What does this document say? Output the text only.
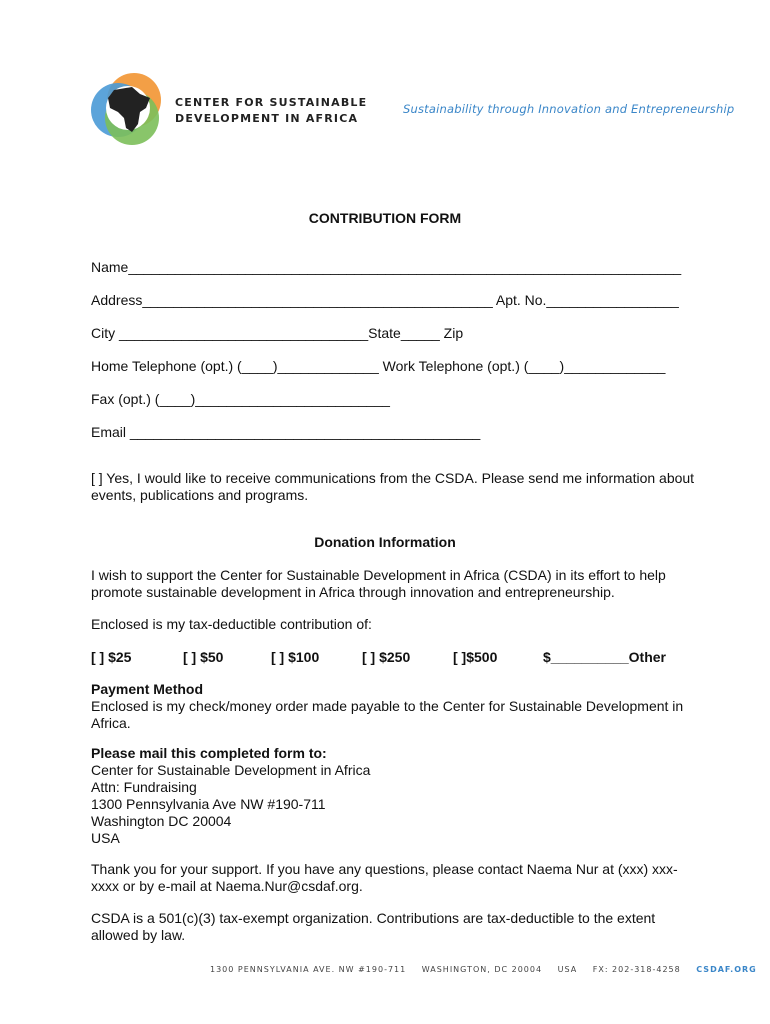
CENTER FOR SUSTAINABLE
DEVELOPMENT IN AFRICA
Sustainability through Innovation and Entrepreneurship
CONTRIBUTION FORM
Name_______________________________________________________________________
Address_____________________________________________ Apt. No._________________
City ________________________________State_____ Zip
Home Telephone (opt.) (____)_____________ Work Telephone (opt.) (____)_____________
Fax (opt.) (____)_________________________
Email _____________________________________________
[ ] Yes, I would like to receive communications from the CSDA. Please send me information about
events, publications and programs.
Donation Information
I wish to support the Center for Sustainable Development in Africa (CSDA) in its effort to help
promote sustainable development in Africa through innovation and entrepreneurship.
Enclosed is my tax-deductible contribution of:
[ ] $25	[ ] $50	[ ] $100	[ ] $250	[ ]$500	$__________Other
Payment Method
Enclosed is my check/money order made payable to the Center for Sustainable Development in
Africa.
Please mail this completed form to:
Center for Sustainable Development in Africa
Attn: Fundraising
1300 Pennsylvania Ave NW #190-711
Washington DC 20004
USA
Thank you for your support. If you have any questions, please contact Naema Nur at (xxx) xxx-
xxxx or by e-mail at Naema.Nur@csdaf.org.
CSDA is a 501(c)(3) tax-exempt organization. Contributions are tax-deductible to the extent
allowed by law.
1300 PENNSYLVANIA AVE. NW #190-711 WASHINGTON, DC 20004 USA FX: 202-318-4258 CSDAF.ORG
